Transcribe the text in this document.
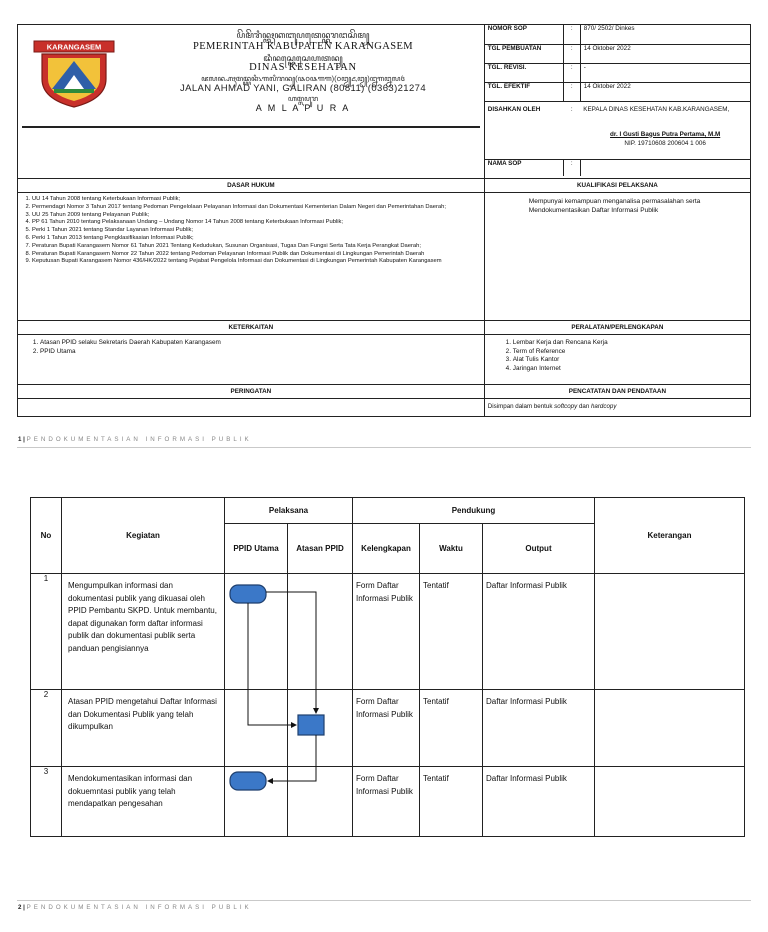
KARANGASEM
ꦥꦼꦩꦼꦫꦶꦤ꧀ꦠꦃꦏꦧꦸꦥꦠꦺꦤ꧀ꦏꦫꦔꦱꦼꦩ꧀
PEMERINTAH KABUPATEN KARANGASEM
ꦢꦶꦤꦱ꧀ꦏꦺꦱꦺꦲꦠꦤ꧀
DINAS KESEHATAN
ꦗꦭꦤ꧀ꦲꦃꦩꦢ꧀ꦪꦤꦶ꧈ꦒꦭꦶꦫꦤ꧀(꧘꧐꧘꧑꧑)(꧐꧓꧖꧓)꧒꧑꧒꧗꧔
JALAN AHMAD YANI, GALIRAN (80811) (0363)21274
ꦲꦩ꧀ꦭꦥꦸꦫ
A M L A P U R A

NOMOR SOP	:	870/ 2502/ Dinkes
TGL PEMBUATAN	:	14 Oktober 2022
TGL. REVISI.	:	-
TGL. EFEKTIF	:	14 Oktober 2022
DISAHKAN OLEH	:	KEPALA DINAS KESEHATAN KAB.KARANGASEM,
dr. I Gusti Bagus Putra Pertama, M.M
NIP. 19710608 200604 1 006

NAMA SOP	:	

DASAR HUKUM	KUALIFIKASI PELAKSANA

1. UU 14 Tahun 2008 tentang Keterbukaan Informasi Publik;
2. Permendagri Nomor 3 Tahun 2017 tentang Pedoman Pengelolaan Pelayanan Informasi dan Dokumentasi Kementerian Dalam Negeri dan Pemerintahan Daerah;
3. UU 25 Tahun 2009 tentang Pelayanan Publik;
4. PP 61 Tahun 2010 tentang Pelaksanaan Undang – Undang Nomor 14 Tahun 2008 tentang Keterbukaan Informasi Publik;
5. Perki 1 Tahun 2021 tentang Standar Layanan Informasi Publik;
6. Perki 1 Tahun 2013 tentang Pengklasifikasian Informasi Publik;
7. Peraturan Bupati Karangasem Nomor 61 Tahun 2021 Tentang Kedudukan, Susunan Organisasi, Tugas Dan Fungsi Serta Tata Kerja Perangkat Daerah;
8. Peraturan Bupati Karangasem Nomor 22 Tahun 2022 tentang Pedoman Pelayanan Informasi Publik dan Dokumentasi di Lingkungan Pemerintah Daerah
9. Keputusan Bupati Karangasem Nomor 436/HK/2022 tentang Pejabat Pengelola Informasi dan Dokumentasi di Lingkungan Pemerintah Kabupaten Karangasem

Mempunyai kemampuan menganalisa permasalahan serta Mendokumentasikan Daftar Informasi Publik

KETERKAITAN	PERALATAN/PERLENGKAPAN

1. Atasan PPID selaku Sekretaris Daerah Kabupaten Karangasem
2. PPID Utama

1. Lembar Kerja dan Rencana Kerja
2. Term of Reference
3. Alat Tulis Kantor
4. Jaringan Internet

PERINGATAN	PENCATATAN DAN PENDATAAN

Disimpan dalam bentuk softcopy dan hardcopy
1 | PENDOKUMENTASIAN INFORMASI PUBLIK
No	Kegiatan	Pelaksana		Pendukung			Keterangan
		PPID Utama	Atasan PPID	Kelengkapan	Waktu	Output	
1	Mengumpulkan informasi dan dokumentasi publik yang dikuasai oleh PPID Pembantu SKPD. Untuk membantu, dapat digunakan form daftar informasi publik dan dokumentasi publik serta panduan pengisiannya			Form Daftar Informasi Publik	Tentatif	Daftar Informasi Publik	

2	Atasan PPID mengetahui Daftar Informasi dan Dokumentasi Publik yang telah dikumpulkan			Form Daftar Informasi Publik	Tentatif	Daftar Informasi Publik	

3	Mendokumentasikan informasi dan dokuemntasi publik yang telah mendapatkan pengesahan			Form Daftar Informasi Publik	Tentatif	Daftar Informasi Publik	

2 | PENDOKUMENTASIAN INFORMASI PUBLIK
